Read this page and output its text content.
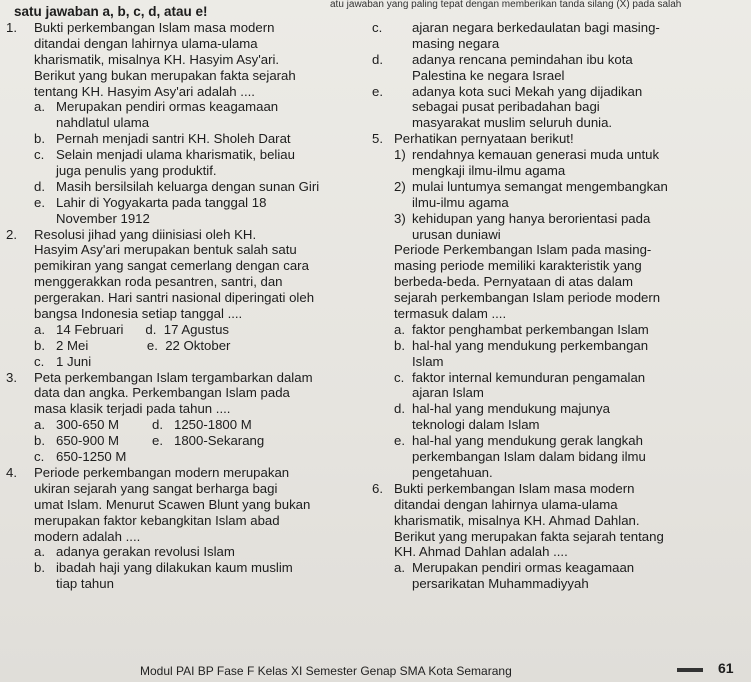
atu jawaban yang paling tepat dengan memberikan tanda silang (X) pada salah
satu jawaban a, b, c, d, atau e!
1. Bukti perkembangan Islam masa modern
ditandai dengan lahirnya ulama-ulama
kharismatik, misalnya KH. Hasyim Asy'ari.
Berikut yang bukan merupakan fakta sejarah
tentang KH. Hasyim Asy'ari adalah ....
a. Merupakan pendiri ormas keagamaan
nahdlatul ulama
b. Pernah menjadi santri KH. Sholeh Darat
c. Selain menjadi ulama kharismatik, beliau
juga penulis yang produktif.
d. Masih bersilsilah keluarga dengan sunan Giri
e. Lahir di Yogyakarta pada tanggal 18
November 1912
2. Resolusi jihad yang diinisiasi oleh KH.
Hasyim Asy'ari merupakan bentuk salah satu
pemikiran yang sangat cemerlang dengan cara
menggerakkan roda pesantren, santri, dan
pergerakan. Hari santri nasional diperingati oleh
bangsa Indonesia setiap tanggal ....
a. 14 Februari      d.  17 Agustus
b. 2 Mei                e.  22 Oktober
c. 1 Juni
3. Peta perkembangan Islam tergambarkan dalam
data dan angka. Perkembangan Islam pada
masa klasik terjadi pada tahun ....
a. 300-650 M         d.   1250-1800 M
b. 650-900 M         e.   1800-Sekarang
c. 650-1250 M
4. Periode perkembangan modern merupakan
ukiran sejarah yang sangat berharga bagi
umat Islam. Menurut Scawen Blunt yang bukan
merupakan faktor kebangkitan Islam abad
modern adalah ....
a. adanya gerakan revolusi Islam
b. ibadah haji yang dilakukan kaum muslim
tiap tahun
c. ajaran negara berkedaulatan bagi masing-
masing negara
d. adanya rencana pemindahan ibu kota
Palestina ke negara Israel
e. adanya kota suci Mekah yang dijadikan
sebagai pusat peribadahan bagi
masyarakat muslim seluruh dunia.
5. Perhatikan pernyataan berikut!
1) rendahnya kemauan generasi muda untuk
mengkaji ilmu-ilmu agama
2) mulai luntumya semangat mengembangkan
ilmu-ilmu agama
3) kehidupan yang hanya berorientasi pada
urusan duniawi
Periode Perkembangan Islam pada masing-
masing periode memiliki karakteristik yang
berbeda-beda. Pernyataan di atas dalam
sejarah perkembangan Islam periode modern
termasuk dalam ....
a. faktor penghambat perkembangan Islam
b. hal-hal yang mendukung perkembangan
Islam
c. faktor internal kemunduran pengamalan
ajaran Islam
d. hal-hal yang mendukung majunya
teknologi dalam Islam
e. hal-hal yang mendukung gerak langkah
perkembangan Islam dalam bidang ilmu
pengetahuan.
6. Bukti perkembangan Islam masa modern
ditandai dengan lahirnya ulama-ulama
kharismatik, misalnya KH. Ahmad Dahlan.
Berikut yang merupakan fakta sejarah tentang
KH. Ahmad Dahlan adalah ....
a. Merupakan pendiri ormas keagamaan
persarikatan Muhammadiyyah
Modul PAI BP Fase F Kelas XI Semester Genap SMA Kota Semarang	61
